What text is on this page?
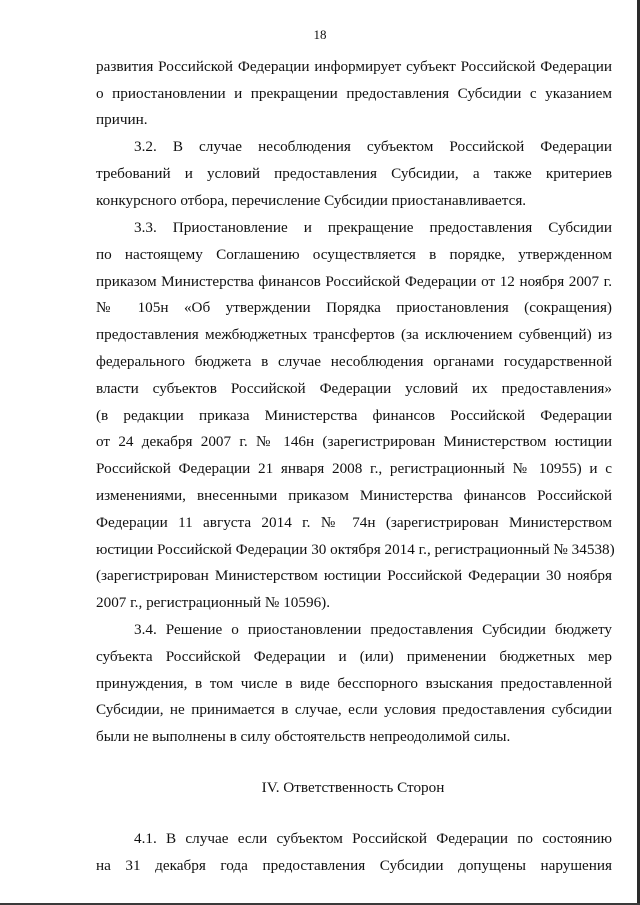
18
развития Российской Федерации информирует субъект Российской Федерации
о приостановлении и прекращении предоставления Субсидии с указанием
причин.
3.2. В случае несоблюдения субъектом Российской Федерации
требований и условий предоставления Субсидии, а также критериев
конкурсного отбора, перечисление Субсидии приостанавливается.
3.3. Приостановление и прекращение предоставления Субсидии
по настоящему Соглашению осуществляется в порядке, утвержденном
приказом Министерства финансов Российской Федерации от 12 ноября 2007 г.
№ 105н «Об утверждении Порядка приостановления (сокращения)
предоставления межбюджетных трансфертов (за исключением субвенций) из
федерального бюджета в случае несоблюдения органами государственной
власти субъектов Российской Федерации условий их предоставления»
(в редакции приказа Министерства финансов Российской Федерации
от 24 декабря 2007 г. № 146н (зарегистрирован Министерством юстиции
Российской Федерации 21 января 2008 г., регистрационный № 10955) и с
изменениями, внесенными приказом Министерства финансов Российской
Федерации 11 августа 2014 г. № 74н (зарегистрирован Министерством
юстиции Российской Федерации 30 октября 2014 г., регистрационный № 34538)
(зарегистрирован Министерством юстиции Российской Федерации 30 ноября
2007 г., регистрационный № 10596).
3.4. Решение о приостановлении предоставления Субсидии бюджету
субъекта Российской Федерации и (или) применении бюджетных мер
принуждения, в том числе в виде бесспорного взыскания предоставленной
Субсидии, не принимается в случае, если условия предоставления субсидии
были не выполнены в силу обстоятельств непреодолимой силы.
IV. Ответственность Сторон
4.1. В случае если субъектом Российской Федерации по состоянию
на 31 декабря года предоставления Субсидии допущены нарушения
